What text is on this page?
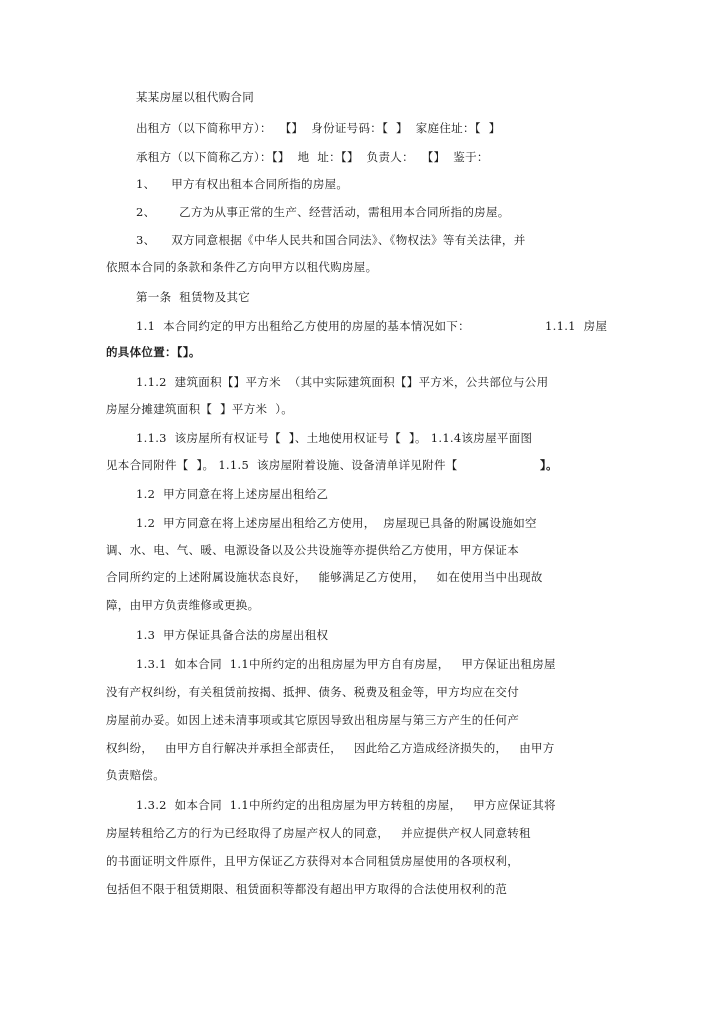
某某房屋以租代购合同
出租方（以下简称甲方）：  【】  身份证号码：【  】  家庭住址：【  】
承租方（以下简称乙方）：【】  地  址：【】  负责人：  【】  鉴于：
1、    甲方有权出租本合同所指的房屋。
2、      乙方为从事正常的生产、经营活动，需租用本合同所指的房屋。
3、    双方同意根据《中华人民共和国合同法》、《物权法》等有关法律，并
依照本合同的条款和条件乙方向甲方以租代购房屋。
第一条  租赁物及其它
1.1  本合同约定的甲方出租给乙方使用的房屋的基本情况如下：	1.1.1  房屋
的具体位置：【】。
1.1.2  建筑面积【】平方米  （其中实际建筑面积【】平方米，公共部位与公用
房屋分摊建筑面积【  】平方米  ）。
1.1.3  该房屋所有权证号【  】、土地使用权证号【  】。 1.1.4该房屋平面图
见本合同附件【  】。 1.1.5  该房屋附着设施、设备清单详见附件【	】。
1.2  甲方同意在将上述房屋出租给乙
1.2  甲方同意在将上述房屋出租给乙方使用，  房屋现已具备的附属设施如空
调、水、电、气、暖、电源设备以及公共设施等亦提供给乙方使用，甲方保证本
合同所约定的上述附属设施状态良好，   能够满足乙方使用，   如在使用当中出现故
障，由甲方负责维修或更换。
1.3  甲方保证具备合法的房屋出租权
1.3.1  如本合同  1.1中所约定的出租房屋为甲方自有房屋，   甲方保证出租房屋
没有产权纠纷，有关租赁前按揭、抵押、债务、税费及租金等，甲方均应在交付
房屋前办妥。如因上述未清事项或其它原因导致出租房屋与第三方产生的任何产
权纠纷，   由甲方自行解决并承担全部责任，   因此给乙方造成经济损失的，   由甲方
负责赔偿。
1.3.2  如本合同  1.1中所约定的出租房屋为甲方转租的房屋，   甲方应保证其将
房屋转租给乙方的行为已经取得了房屋产权人的同意，   并应提供产权人同意转租
的书面证明文件原件，且甲方保证乙方获得对本合同租赁房屋使用的各项权利，
包括但不限于租赁期限、租赁面积等都没有超出甲方取得的合法使用权利的范
